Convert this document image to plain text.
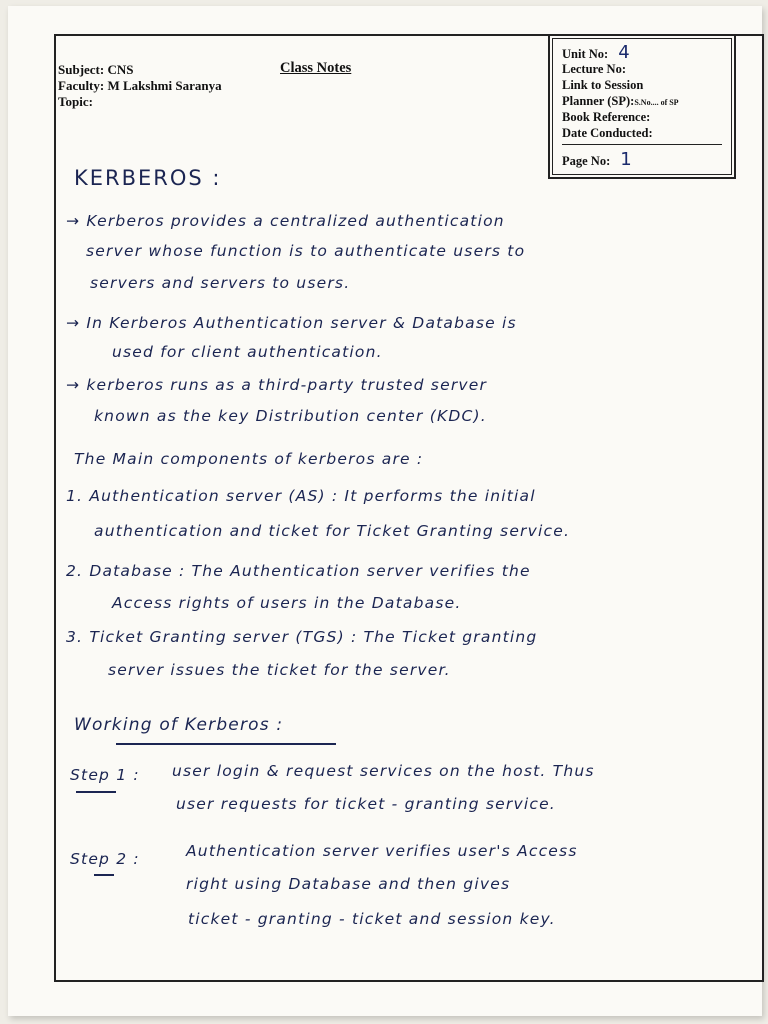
Subject: CNS
Faculty: M Lakshmi Saranya
Topic:
Class Notes
Unit No: 4
Lecture No:
Link to Session
Planner (SP):S.No.... of SP
Book Reference:
Date Conducted:
Page No: 1
KERBEROS :
→ Kerberos provides a centralized authentication
server whose function is to authenticate users to
servers and servers to users.
→ In Kerberos Authentication server & Database is
used for client authentication.
→ kerberos runs as a third-party trusted server
known as the key Distribution center (KDC).
The Main components of kerberos are :
1. Authentication server (AS) : It performs the initial
authentication and ticket for Ticket Granting service.
2. Database : The Authentication server verifies the
Access rights of users in the Database.
3. Ticket Granting server (TGS) : The Ticket granting
server issues the ticket for the server.
Working of Kerberos :
Step 1 : user login & request services on the host. Thus
user requests for ticket - granting service.
Step 2 :	Authentication server verifies user's Access
right using Database and then gives
ticket - granting - ticket and session key.
